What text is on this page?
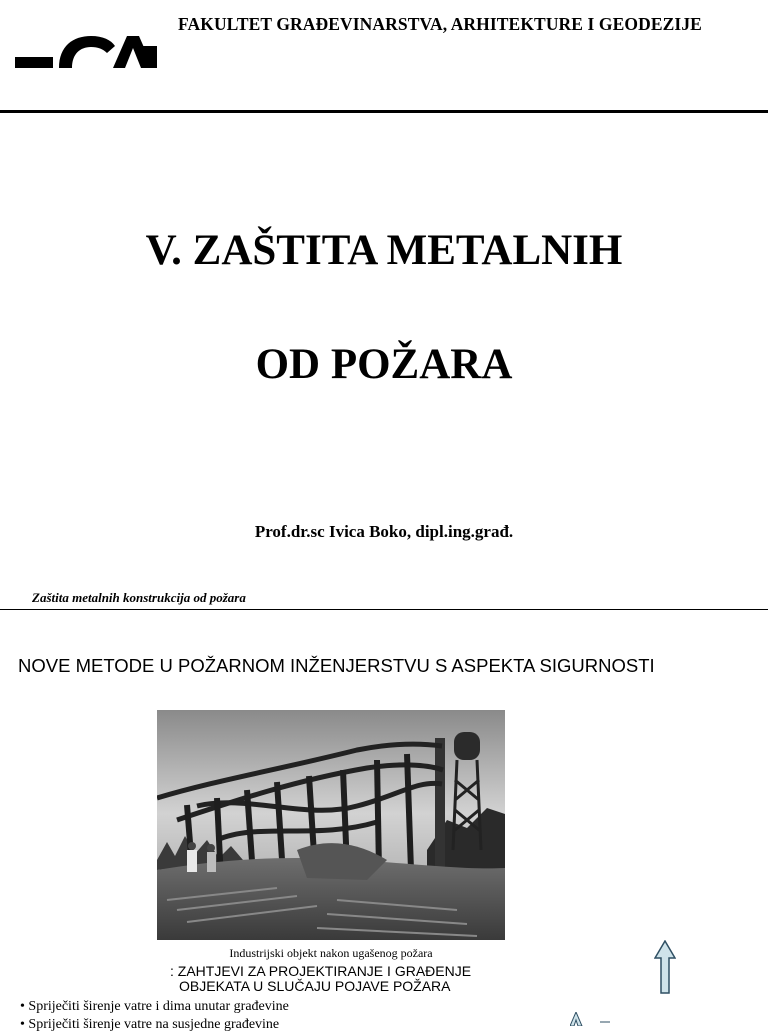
FAKULTET GRAĐEVINARSTVA, ARHITEKTURE I GEODEZIJE
V. ZAŠTITA METALNIH
OD POŽARA
Prof.dr.sc Ivica Boko, dipl.ing.građ.
Zaštita metalnih konstrukcija od požara
NOVE METODE U POŽARNOM INŽENJERSTVU S ASPEKTA SIGURNOSTI
Industrijski objekt nakon ugašenog požara
: ZAHTJEVI ZA PROJEKTIRANJE I GRAĐENJE
OBJEKATA U SLUČAJU POJAVE POŽARA
• Spriječiti širenje vatre i dima unutar građevine
• Spriječiti širenje vatre na susjedne građevine
